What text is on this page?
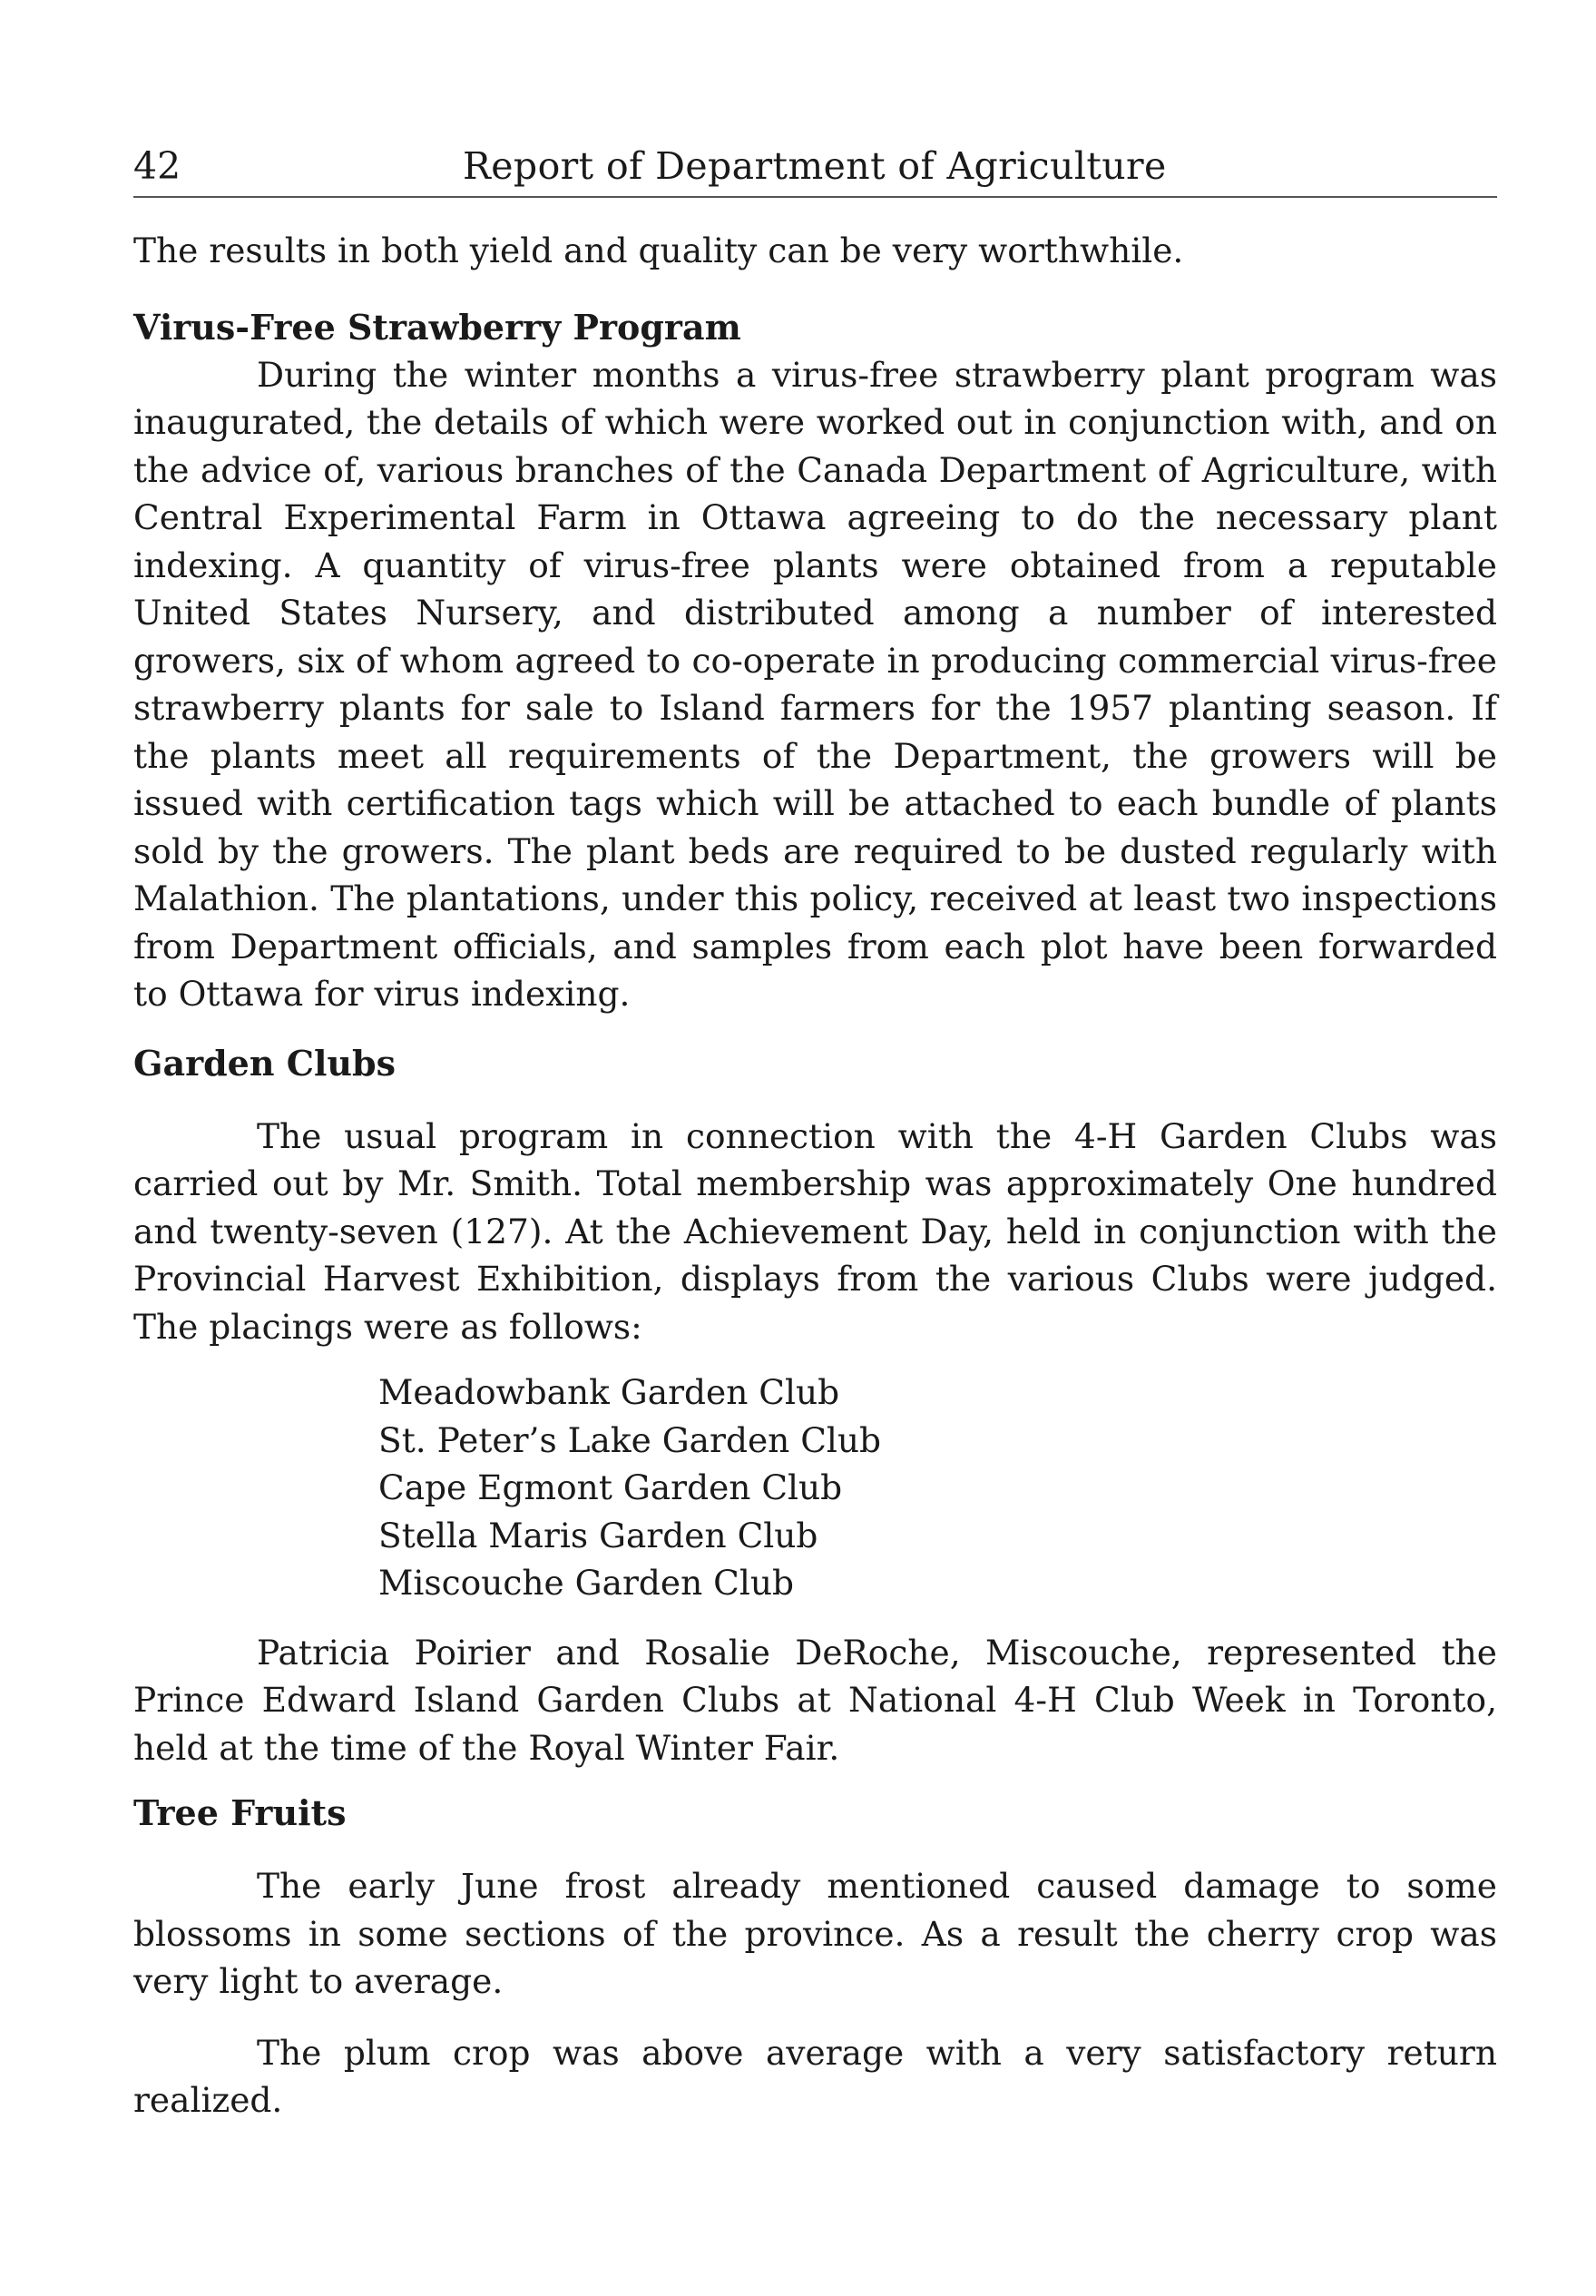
42	Report of Department of Agriculture

The results in both yield and quality can be very worthwhile.

Virus-Free Strawberry Program

During the winter months a virus-free strawberry plant program was inaugurated, the details of which were worked out in conjunction with, and on the advice of, various branches of the Canada Department of Agriculture, with Central Experimental Farm in Ottawa agreeing to do the necessary plant indexing. A quantity of virus-free plants were obtained from a reputable United States Nursery, and distributed among a number of interested growers, six of whom agreed to co-operate in producing commercial virus-free strawberry plants for sale to Island farmers for the 1957 planting season. If the plants meet all requirements of the Department, the growers will be issued with certification tags which will be attached to each bundle of plants sold by the growers. The plant beds are required to be dusted regularly with Malathion. The plantations, under this policy, received at least two inspections from Department officials, and samples from each plot have been forwarded to Ottawa for virus indexing.

Garden Clubs

The usual program in connection with the 4-H Garden Clubs was carried out by Mr. Smith. Total membership was approximately One hundred and twenty-seven (127). At the Achievement Day, held in conjunction with the Provincial Harvest Exhibition, displays from the various Clubs were judged. The placings were as follows:

Meadowbank Garden Club
St. Peter’s Lake Garden Club
Cape Egmont Garden Club
Stella Maris Garden Club
Miscouche Garden Club

Patricia Poirier and Rosalie DeRoche, Miscouche, represented the Prince Edward Island Garden Clubs at National 4-H Club Week in Toronto, held at the time of the Royal Winter Fair.

Tree Fruits

The early June frost already mentioned caused damage to some blossoms in some sections of the province. As a result the cherry crop was very light to average.

The plum crop was above average with a very satisfactory return realized.
